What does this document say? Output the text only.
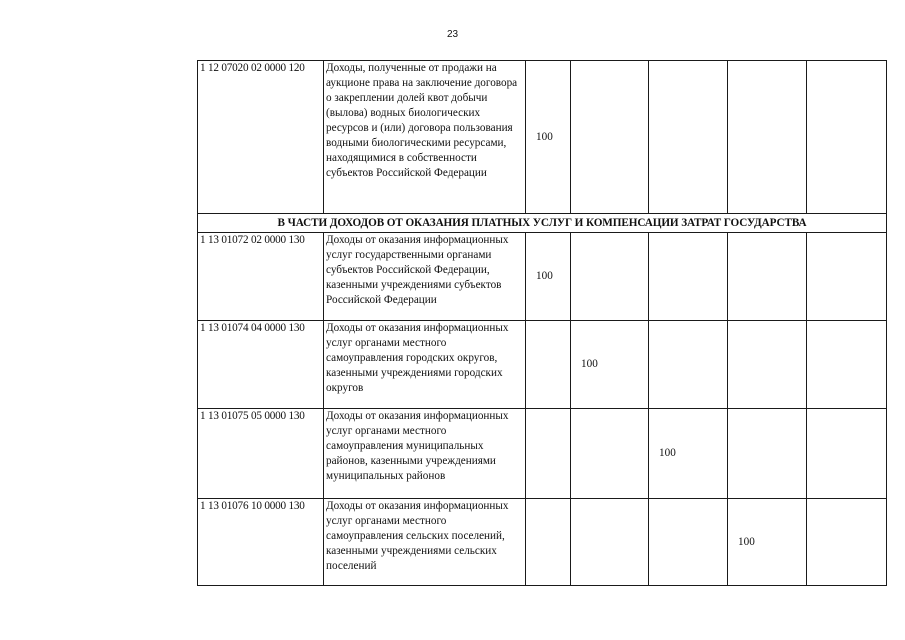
23
1 12 07020 02 0000 120	Доходы, полученные от продажи на аукционе права на заключение договора о закреплении долей квот добычи (вылова) водных биологических ресурсов и (или) договора пользования водными биологическими ресурсами, находящимися в собственности субъектов Российской Федерации	100				
В ЧАСТИ ДОХОДОВ ОТ ОКАЗАНИЯ ПЛАТНЫХ УСЛУГ И КОМПЕНСАЦИИ ЗАТРАТ ГОСУДАРСТВА						
1 13 01072 02 0000 130	Доходы от оказания информационных услуг государственными органами субъектов Российской Федерации, казенными учреждениями субъектов Российской Федерации	100				
1 13 01074 04 0000 130	Доходы от оказания информационных услуг органами местного самоуправления городских округов, казенными учреждениями городских округов		100			
1 13 01075 05 0000 130	Доходы от оказания информационных услуг органами местного самоуправления муниципальных районов, казенными учреждениями муниципальных районов			100		
1 13 01076 10 0000 130	Доходы от оказания информационных услуг органами местного самоуправления сельских поселений, казенными учреждениями сельских поселений				100	
